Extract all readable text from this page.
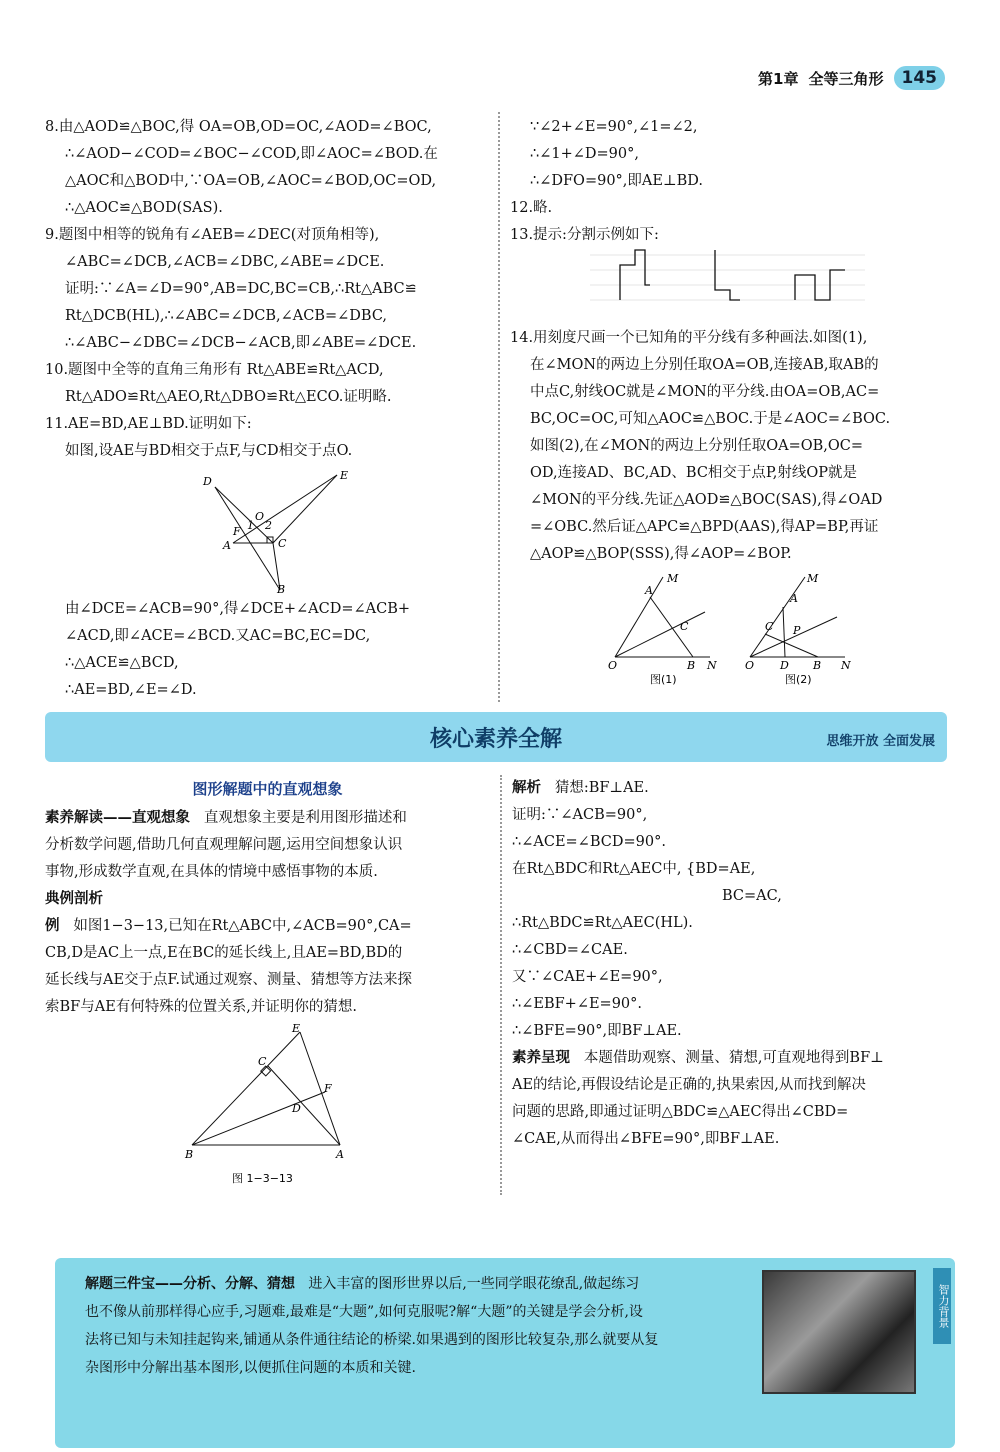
第1章 全等三角形	145
8.由△AOD≌△BOC,得 OA=OB,OD=OC,∠AOD=∠BOC,
∴∠AOD−∠COD=∠BOC−∠COD,即∠AOC=∠BOD.在
△AOC和△BOD中,∵OA=OB,∠AOC=∠BOD,OC=OD,
∴△AOC≌△BOD(SAS).
9.题图中相等的锐角有∠AEB=∠DEC(对顶角相等),
∠ABC=∠DCB,∠ACB=∠DBC,∠ABE=∠DCE.
证明:∵∠A=∠D=90°,AB=DC,BC=CB,∴Rt△ABC≌
Rt△DCB(HL),∴∠ABC=∠DCB,∠ACB=∠DBC,
∴∠ABC−∠DBC=∠DCB−∠ACB,即∠ABE=∠DCE.
10.题图中全等的直角三角形有 Rt△ABE≌Rt△ACD,
Rt△ADO≌Rt△AEO,Rt△DBO≌Rt△ECO.证明略.
11.AE=BD,AE⊥BD.证明如下:
如图,设AE与BD相交于点F,与CD相交于点O.
D	E
A	C
B
O
F 1 2
由∠DCE=∠ACB=90°,得∠DCE+∠ACD=∠ACB+
∠ACD,即∠ACE=∠BCD.又AC=BC,EC=DC,
∴△ACE≌△BCD,
∴AE=BD,∠E=∠D.
∵∠2+∠E=90°,∠1=∠2,
∴∠1+∠D=90°,
∴∠DFO=90°,即AE⊥BD.
12.略.
13.提示:分割示例如下:
14.用刻度尺画一个已知角的平分线有多种画法.如图(1),
在∠MON的两边上分别任取OA=OB,连接AB,取AB的
中点C,射线OC就是∠MON的平分线.由OA=OB,AC=
BC,OC=OC,可知△AOC≌△BOC.于是∠AOC=∠BOC.
如图(2),在∠MON的两边上分别任取OA=OB,OC=
OD,连接AD、BC,AD、BC相交于点P,射线OP就是
∠MON的平分线.先证△AOD≌△BOC(SAS),得∠OAD
=∠OBC.然后证△APC≌△BPD(AAS),得AP=BP,再证
△AOP≌△BOP(SSS),得∠AOP=∠BOP.
O	B N
A
M
C
O D B N
A
M
C P
图(1)	图(2)
核心素养全解	思维开放 全面发展
图形解题中的直观想象
素养解读——直观想象 直观想象主要是利用图形描述和
分析数学问题,借助几何直观理解问题,运用空间想象认识
事物,形成数学直观,在具体的情境中感悟事物的本质.
典例剖析
例 如图1−3−13,已知在Rt△ABC中,∠ACB=90°,CA=
CB,D是AC上一点,E在BC的延长线上,且AE=BD,BD的
延长线与AE交于点F.试通过观察、测量、猜想等方法来探
索BF与AE有何特殊的位置关系,并证明你的猜想.
E
C
F
D
B	A
图 1−3−13
解析 猜想:BF⊥AE.
证明:∵∠ACB=90°,
∴∠ACE=∠BCD=90°.
在Rt△BDC和Rt△AEC中, {BD=AE,
BC=AC,
∴Rt△BDC≌Rt△AEC(HL).
∴∠CBD=∠CAE.
又∵∠CAE+∠E=90°,
∴∠EBF+∠E=90°.
∴∠BFE=90°,即BF⊥AE.
素养呈现 本题借助观察、测量、猜想,可直观地得到BF⊥
AE的结论,再假设结论是正确的,执果索因,从而找到解决
问题的思路,即通过证明△BDC≌△AEC得出∠CBD=
∠CAE,从而得出∠BFE=90°,即BF⊥AE.
解题三件宝——分析、分解、猜想 进入丰富的图形世界以后,一些同学眼花缭乱,做起练习
也不像从前那样得心应手,习题难,最难是“大题”,如何克服呢?解“大题”的关键是学会分析,设
法将已知与未知挂起钩来,铺通从条件通往结论的桥梁.如果遇到的图形比较复杂,那么就要从复
杂图形中分解出基本图形,以便抓住问题的本质和关键.
智力背景
